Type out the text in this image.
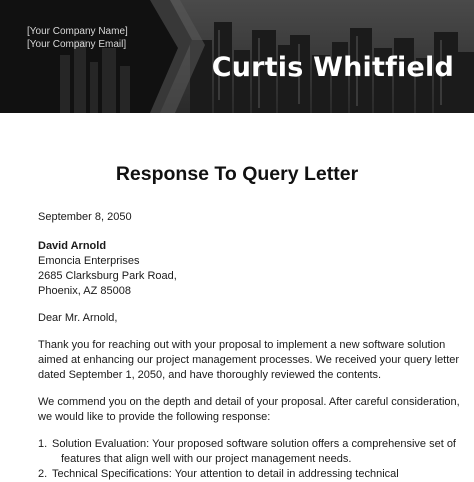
[Your Company Name]
[Your Company Email]
Curtis Whitfield
Response To Query Letter
September 8, 2050
David Arnold
Emoncia Enterprises
2685 Clarksburg Park Road,
Phoenix, AZ 85008
Dear Mr. Arnold,
Thank you for reaching out with your proposal to implement a new software solution
aimed at enhancing our project management processes. We received your query letter
dated September 1, 2050, and have thoroughly reviewed the contents.
We commend you on the depth and detail of your proposal. After careful consideration,
we would like to provide the following response:
1. Solution Evaluation: Your proposed software solution offers a comprehensive set of
features that align well with our project management needs.
2. Technical Specifications: Your attention to detail in addressing technical
